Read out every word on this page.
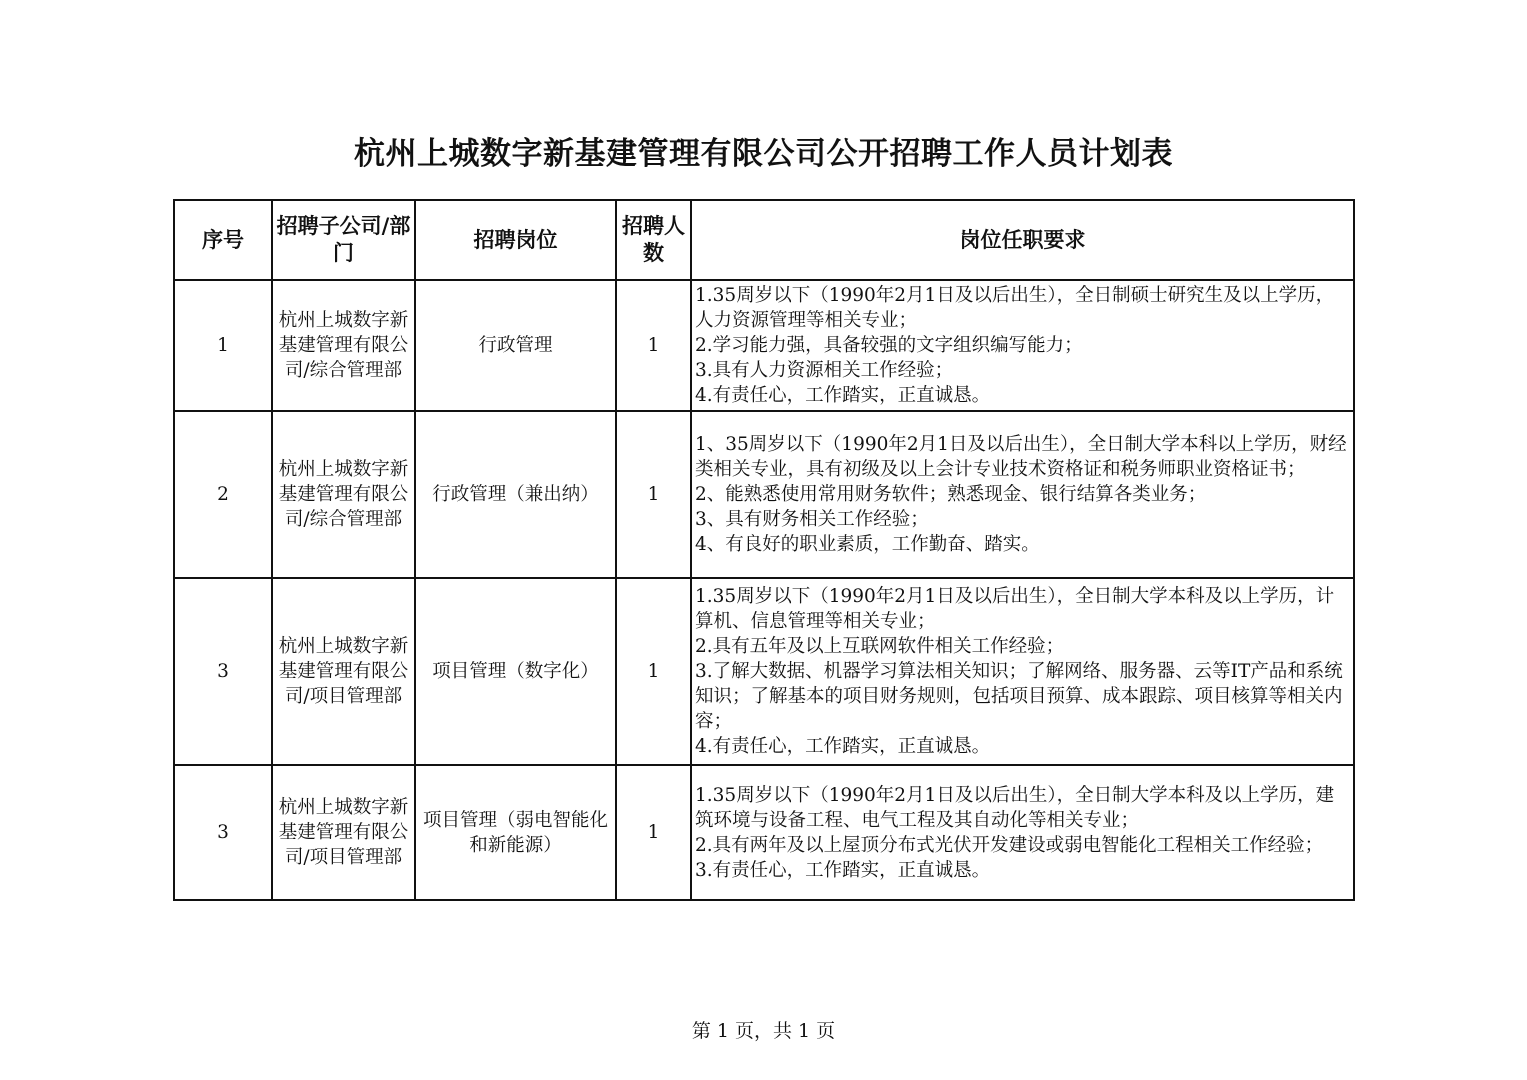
杭州上城数字新基建管理有限公司公开招聘工作人员计划表
序号	招聘子公司/部门	招聘岗位	招聘人数	岗位任职要求
1	杭州上城数字新基建管理有限公司/综合管理部	行政管理	1	1.35周岁以下（1990年2月1日及以后出生），全日制硕士研究生及以上学历，人力资源管理等相关专业；
2.学习能力强，具备较强的文字组织编写能力；
3.具有人力资源相关工作经验；
4.有责任心，工作踏实，正直诚恳。

2	杭州上城数字新基建管理有限公司/综合管理部	行政管理（兼出纳）	1	1、35周岁以下（1990年2月1日及以后出生），全日制大学本科以上学历，财经类相关专业，具有初级及以上会计专业技术资格证和税务师职业资格证书；
2、能熟悉使用常用财务软件；熟悉现金、银行结算各类业务；
3、具有财务相关工作经验；
4、有良好的职业素质，工作勤奋、踏实。

3	杭州上城数字新基建管理有限公司/项目管理部	项目管理（数字化）	1	1.35周岁以下（1990年2月1日及以后出生），全日制大学本科及以上学历，计算机、信息管理等相关专业；
2.具有五年及以上互联网软件相关工作经验；
3.了解大数据、机器学习算法相关知识；了解网络、服务器、云等IT产品和系统知识；了解基本的项目财务规则，包括项目预算、成本跟踪、项目核算等相关内容；
4.有责任心，工作踏实，正直诚恳。

3	杭州上城数字新基建管理有限公司/项目管理部	项目管理（弱电智能化和新能源）	1	1.35周岁以下（1990年2月1日及以后出生），全日制大学本科及以上学历，建筑环境与设备工程、电气工程及其自动化等相关专业；
2.具有两年及以上屋顶分布式光伏开发建设或弱电智能化工程相关工作经验；
3.有责任心，工作踏实，正直诚恳。
第 1 页，共 1 页
